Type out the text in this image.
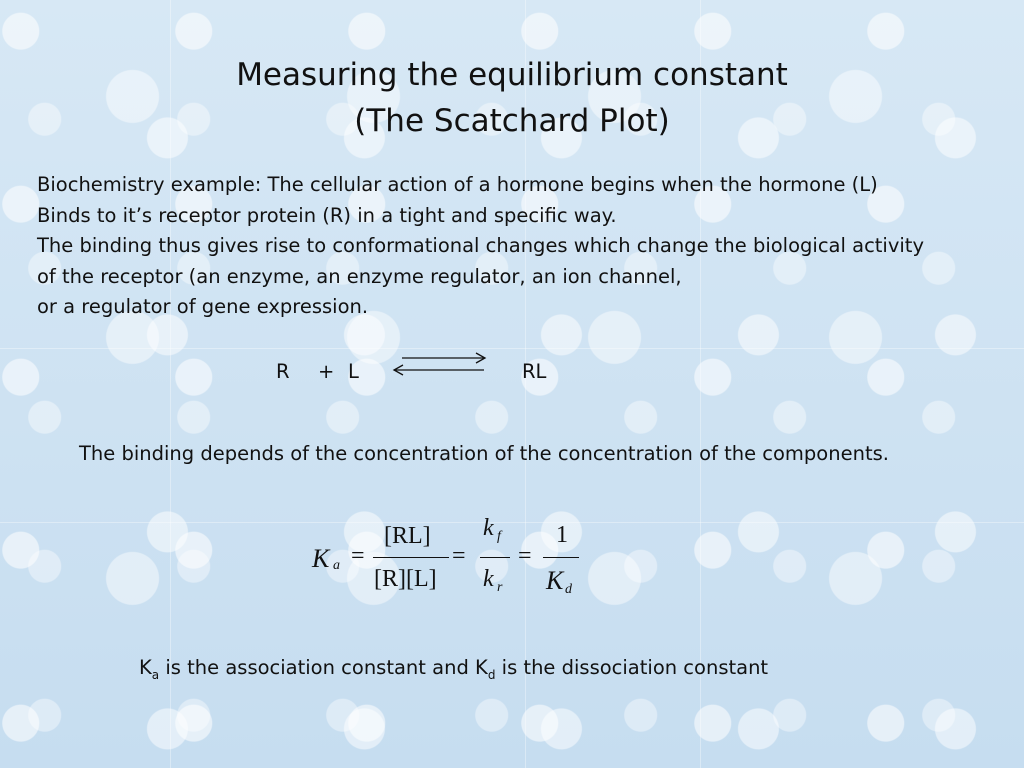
Measuring the equilibrium constant
(The Scatchard Plot)
Biochemistry example: The cellular action of a hormone begins when the hormone (L)
Binds to it’s receptor protein (R) in a tight and specific way.
The binding thus gives rise to conformational changes which change the biological activity
of the receptor (an enzyme, an enzyme regulator, an ion channel,
or a regulator of gene expression.
R + L	RL
The binding depends of the concentration of the concentration of the components.
K a =
[RL]
[R][L]
=
k f
k r
=
1
K d
$K_a$ is the association constant and $K_d$ is the dissociation constant
